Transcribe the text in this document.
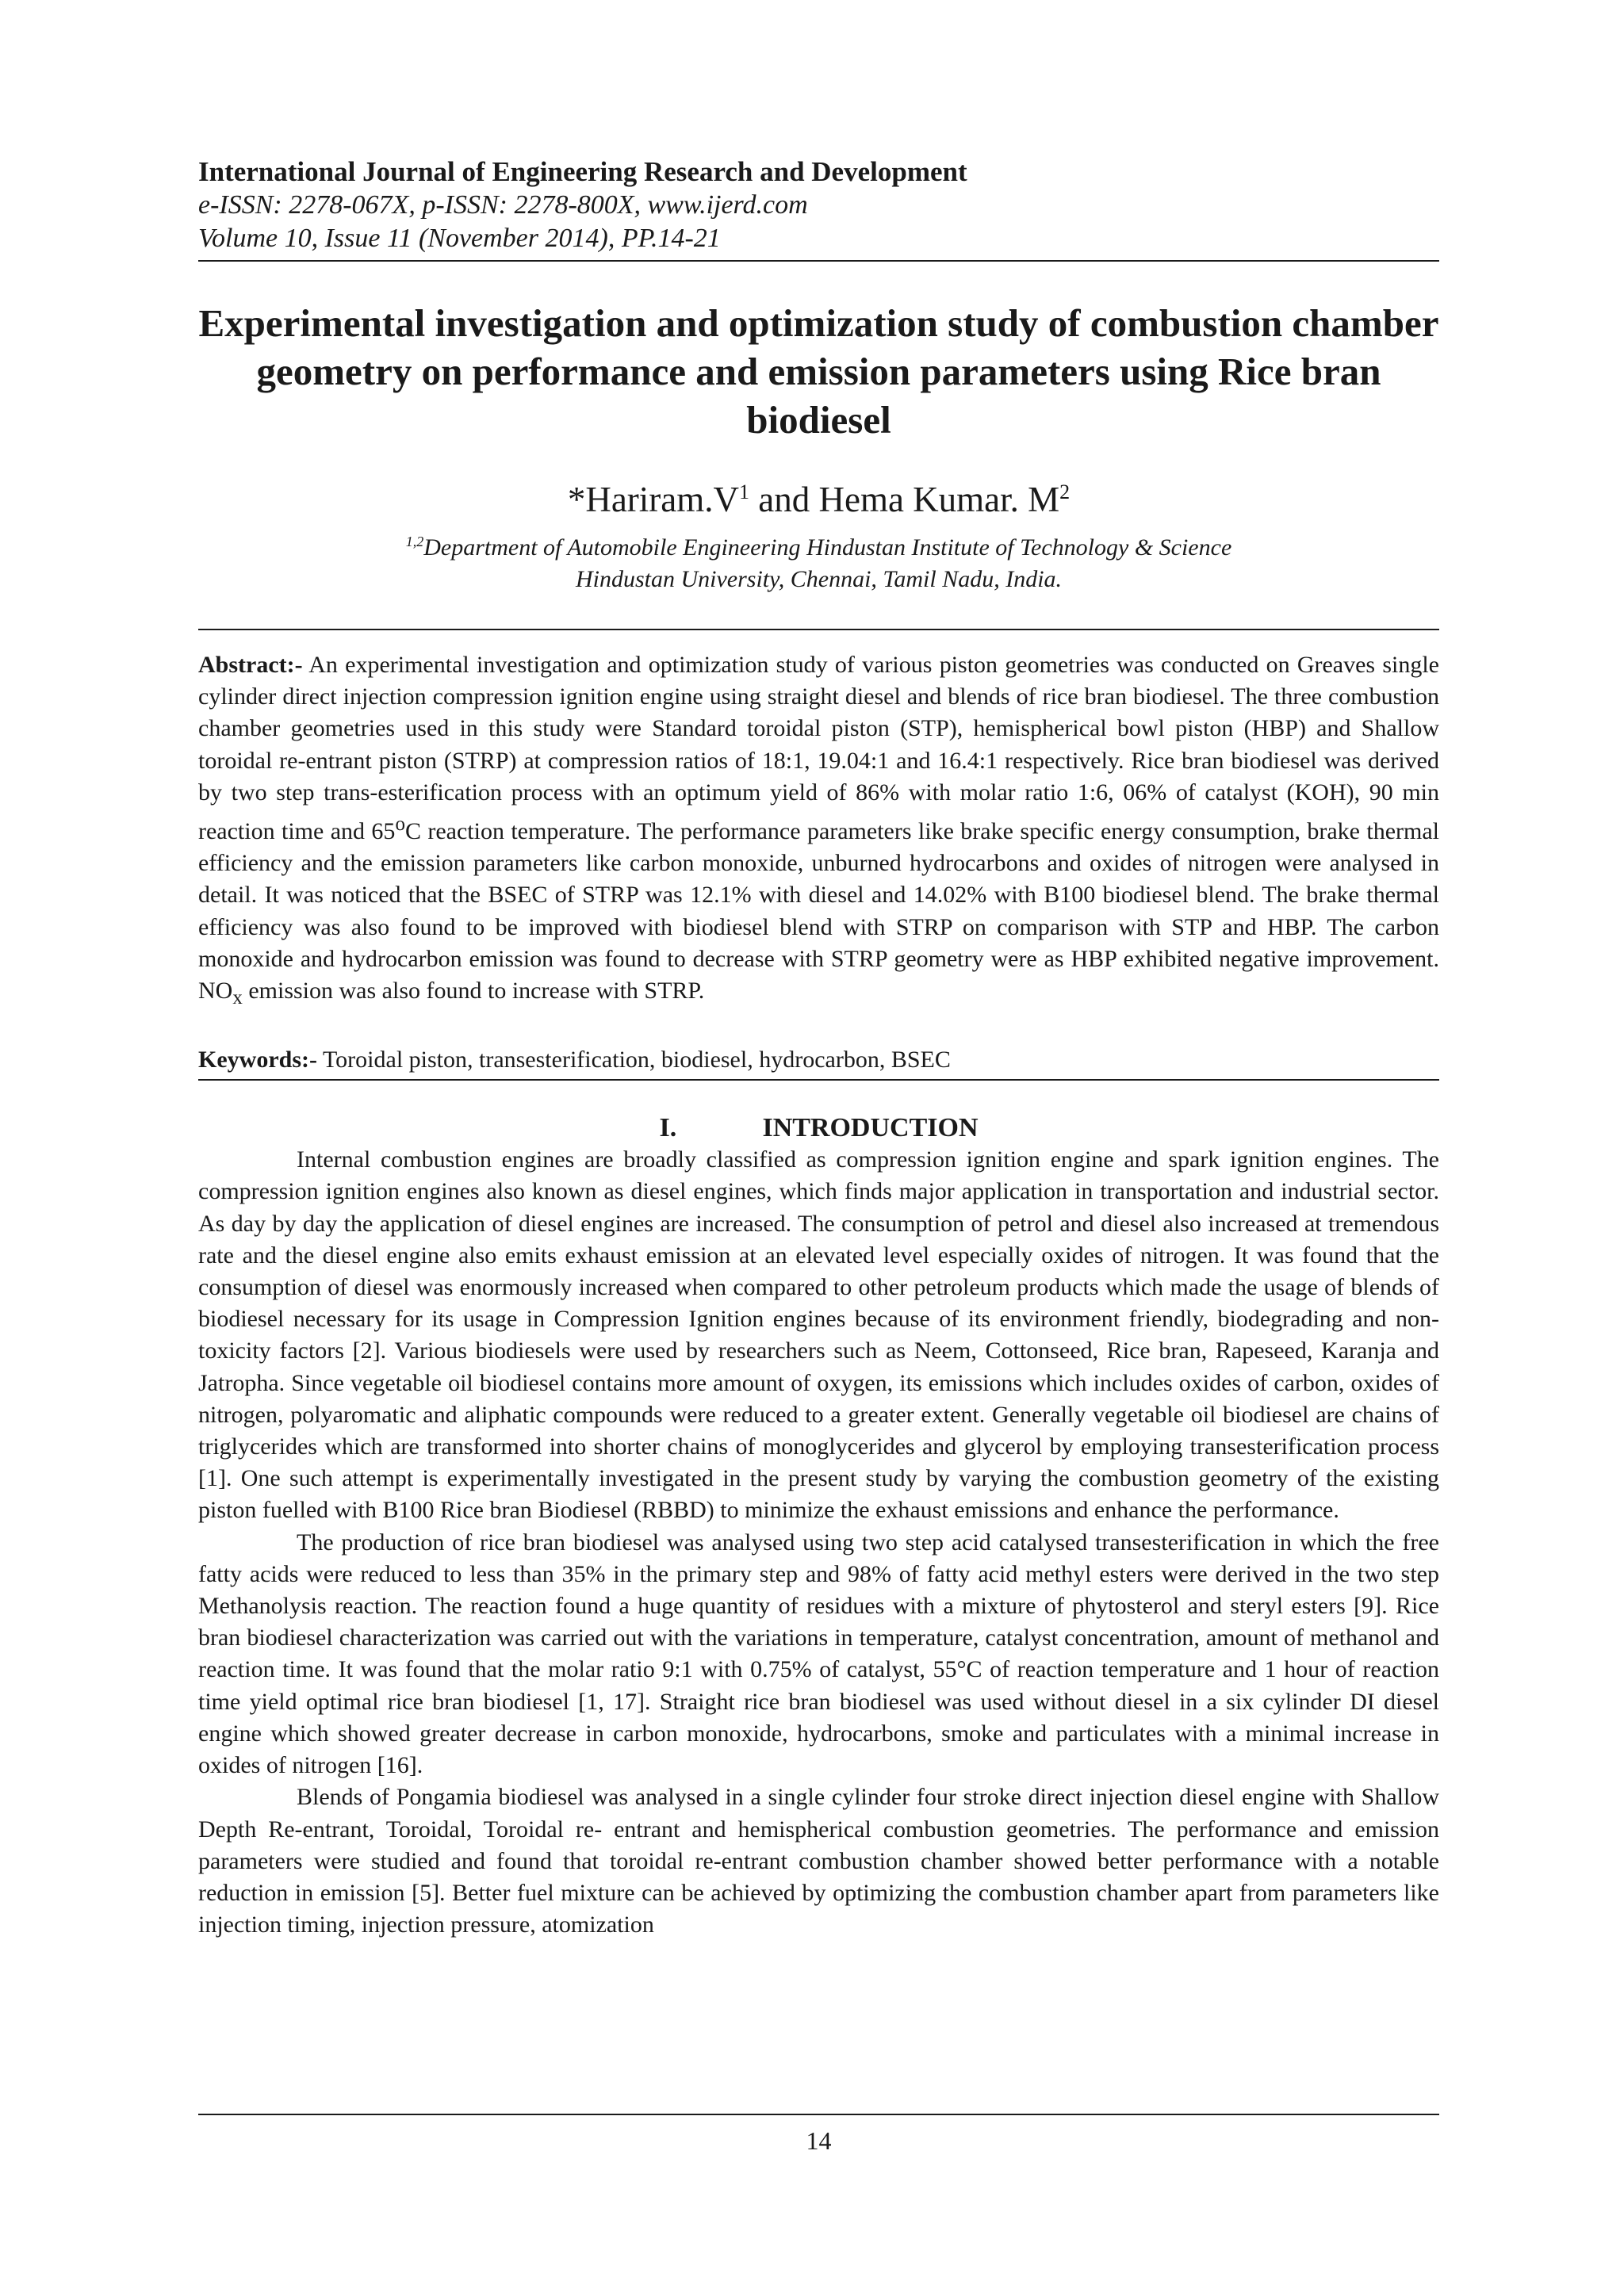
International Journal of Engineering Research and Development

e-ISSN: 2278-067X, p-ISSN: 2278-800X, www.ijerd.com

Volume 10, Issue 11 (November 2014), PP.14-21

Experimental investigation and optimization study of combustion chamber geometry on performance and emission parameters using Rice bran biodiesel

$*Hariram.V^1$ and Hema Kumar. $M^2$

$^{1,2}$Department of Automobile Engineering Hindustan Institute of Technology & Science
Hindustan University, Chennai, Tamil Nadu, India.

Abstract:- An experimental investigation and optimization study of various piston geometries was conducted on Greaves single cylinder direct injection compression ignition engine using straight diesel and blends of rice bran biodiesel. The three combustion chamber geometries used in this study were Standard toroidal piston (STP), hemispherical bowl piston (HBP) and Shallow toroidal re-entrant piston (STRP) at compression ratios of 18:1, 19.04:1 and 16.4:1 respectively. Rice bran biodiesel was derived by two step trans-esterification process with an optimum yield of 86% with molar ratio 1:6, 06% of catalyst (KOH), 90 min reaction time and 65$^o$C reaction temperature. The performance parameters like brake specific energy consumption, brake thermal efficiency and the emission parameters like carbon monoxide, unburned hydrocarbons and oxides of nitrogen were analysed in detail. It was noticed that the BSEC of STRP was 12.1% with diesel and 14.02% with B100 biodiesel blend. The brake thermal efficiency was also found to be improved with biodiesel blend with STRP on comparison with STP and HBP. The carbon monoxide and hydrocarbon emission was found to decrease with STRP geometry were as HBP exhibited negative improvement. $NO_x$ emission was also found to increase with STRP.

Keywords:- Toroidal piston, transesterification, biodiesel, hydrocarbon, BSEC

I.	INTRODUCTION

Internal combustion engines are broadly classified as compression ignition engine and spark ignition engines. The compression ignition engines also known as diesel engines, which finds major application in transportation and industrial sector. As day by day the application of diesel engines are increased. The consumption of petrol and diesel also increased at tremendous rate and the diesel engine also emits exhaust emission at an elevated level especially oxides of nitrogen. It was found that the consumption of diesel was enormously increased when compared to other petroleum products which made the usage of blends of biodiesel necessary for its usage in Compression Ignition engines because of its environment friendly, biodegrading and non-toxicity factors [2]. Various biodiesels were used by researchers such as Neem, Cottonseed, Rice bran, Rapeseed, Karanja and Jatropha. Since vegetable oil biodiesel contains more amount of oxygen, its emissions which includes oxides of carbon, oxides of nitrogen, polyaromatic and aliphatic compounds were reduced to a greater extent. Generally vegetable oil biodiesel are chains of triglycerides which are transformed into shorter chains of monoglycerides and glycerol by employing transesterification process [1]. One such attempt is experimentally investigated in the present study by varying the combustion geometry of the existing piston fuelled with B100 Rice bran Biodiesel (RBBD) to minimize the exhaust emissions and enhance the performance.

The production of rice bran biodiesel was analysed using two step acid catalysed transesterification in which the free fatty acids were reduced to less than 35% in the primary step and 98% of fatty acid methyl esters were derived in the two step Methanolysis reaction. The reaction found a huge quantity of residues with a mixture of phytosterol and steryl esters [9]. Rice bran biodiesel characterization was carried out with the variations in temperature, catalyst concentration, amount of methanol and reaction time. It was found that the molar ratio 9:1 with 0.75% of catalyst, 55°C of reaction temperature and 1 hour of reaction time yield optimal rice bran biodiesel [1, 17]. Straight rice bran biodiesel was used without diesel in a six cylinder DI diesel engine which showed greater decrease in carbon monoxide, hydrocarbons, smoke and particulates with a minimal increase in oxides of nitrogen [16].

Blends of Pongamia biodiesel was analysed in a single cylinder four stroke direct injection diesel engine with Shallow Depth Re-entrant, Toroidal, Toroidal re- entrant and hemispherical combustion geometries. The performance and emission parameters were studied and found that toroidal re-entrant combustion chamber showed better performance with a notable reduction in emission [5]. Better fuel mixture can be achieved by optimizing the combustion chamber apart from parameters like injection timing, injection pressure, atomization

14
